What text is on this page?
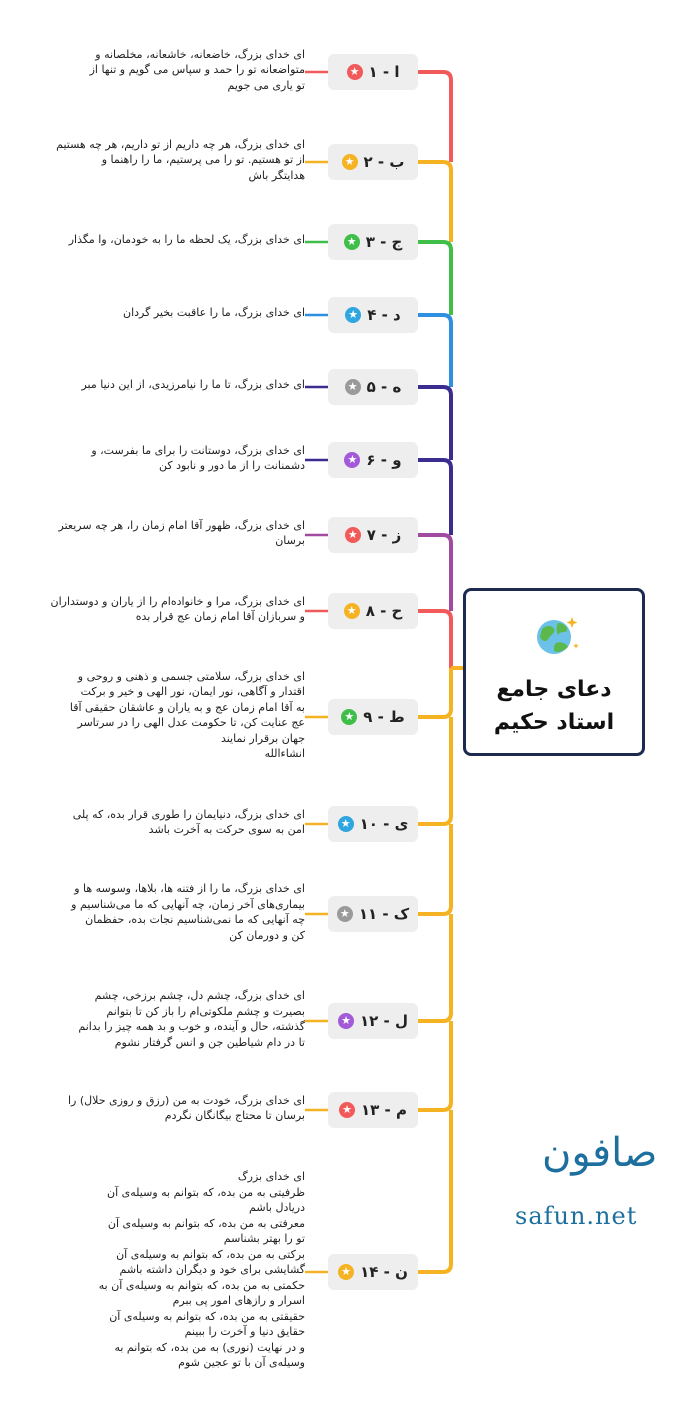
ا - ۱
★
ای خدای بزرگ، خاضعانه، خاشعانه، مخلصانه و
متواضعانه تو را حمد و سپاس می گویم و تنها از
تو یاری می جویم
ب - ۲
★
ای خدای بزرگ، هر چه داریم از تو داریم، هر چه هستیم
از تو هستیم. تو را می پرستیم، ما را راهنما و
هدایتگر باش
ج - ۳
★
ای خدای بزرگ، یک لحظه ما را به خودمان، وا مگذار
د - ۴
★
ای خدای بزرگ، ما را عاقبت بخیر گردان
ه - ۵
★
ای خدای بزرگ، تا ما را نیامرزیدی، از این دنیا مبر
و - ۶
★
ای خدای بزرگ، دوستانت را برای ما بفرست، و
دشمنانت را از ما دور و نابود کن
ز - ۷
★
ای خدای بزرگ، ظهور آقا امام زمان را، هر چه سریعتر
برسان
ح - ۸
★
ای خدای بزرگ، مرا و خانواده‌ام را از یاران و دوستداران
و سربازان آقا امام زمان عج قرار بده
ط - ۹
★
ای خدای بزرگ، سلامتی جسمی و ذهنی و روحی و
اقتدار و آگاهی، نور ایمان، نور الهی و خیر و برکت
به آقا امام زمان عج و به یاران و عاشقان حقیقی آقا
عج عنایت کن، تا حکومت عدل الهی را در سرتاسر
جهان برقرار نمایند
انشاءالله
ی - ۱۰
★
ای خدای بزرگ، دنیایمان را طوری قرار بده، که پلی
امن به سوی حرکت به آخرت باشد
ک - ۱۱
★
ای خدای بزرگ، ما را از فتنه ها، بلاها، وسوسه ها و
بیماری‌های آخر زمان، چه آنهایی که ما می‌شناسیم و
چه آنهایی که ما نمی‌شناسیم نجات بده، حفظمان
کن و دورمان کن
ل - ۱۲
★
ای خدای بزرگ، چشم دل، چشم برزخی، چشم
بصیرت و چشم ملکوتی‌ام را باز کن تا بتوانم
گذشته، حال و آینده، و خوب و بد همه چیز را بدانم
تا در دام شیاطین جن و انس گرفتار نشوم
م - ۱۳
★
ای خدای بزرگ، خودت به من (رزق و روزی حلال) را
برسان تا محتاج بیگانگان نگردم
ن - ۱۴
★
ای خدای بزرگ
ظرفیتی به من بده، که بتوانم به وسیله‌ی آن
دریادل باشم
معرفتی به من بده، که بتوانم به وسیله‌ی آن
تو را بهتر بشناسم
برکتی به من بده، که بتوانم به وسیله‌ی آن
گشایشی برای خود و دیگران داشته باشم
حکمتی به من بده، که بتوانم به وسیله‌ی آن به
اسرار و رازهای امور پی ببرم
حقیقتی به من بده، که بتوانم به وسیله‌ی آن
حقایق دنیا و آخرت را ببینم
و در نهایت (نوری) به من بده، که بتوانم به
وسیله‌ی آن با تو عجین شوم
دعای جامع
استاد حکیم
صافون
safun.net
